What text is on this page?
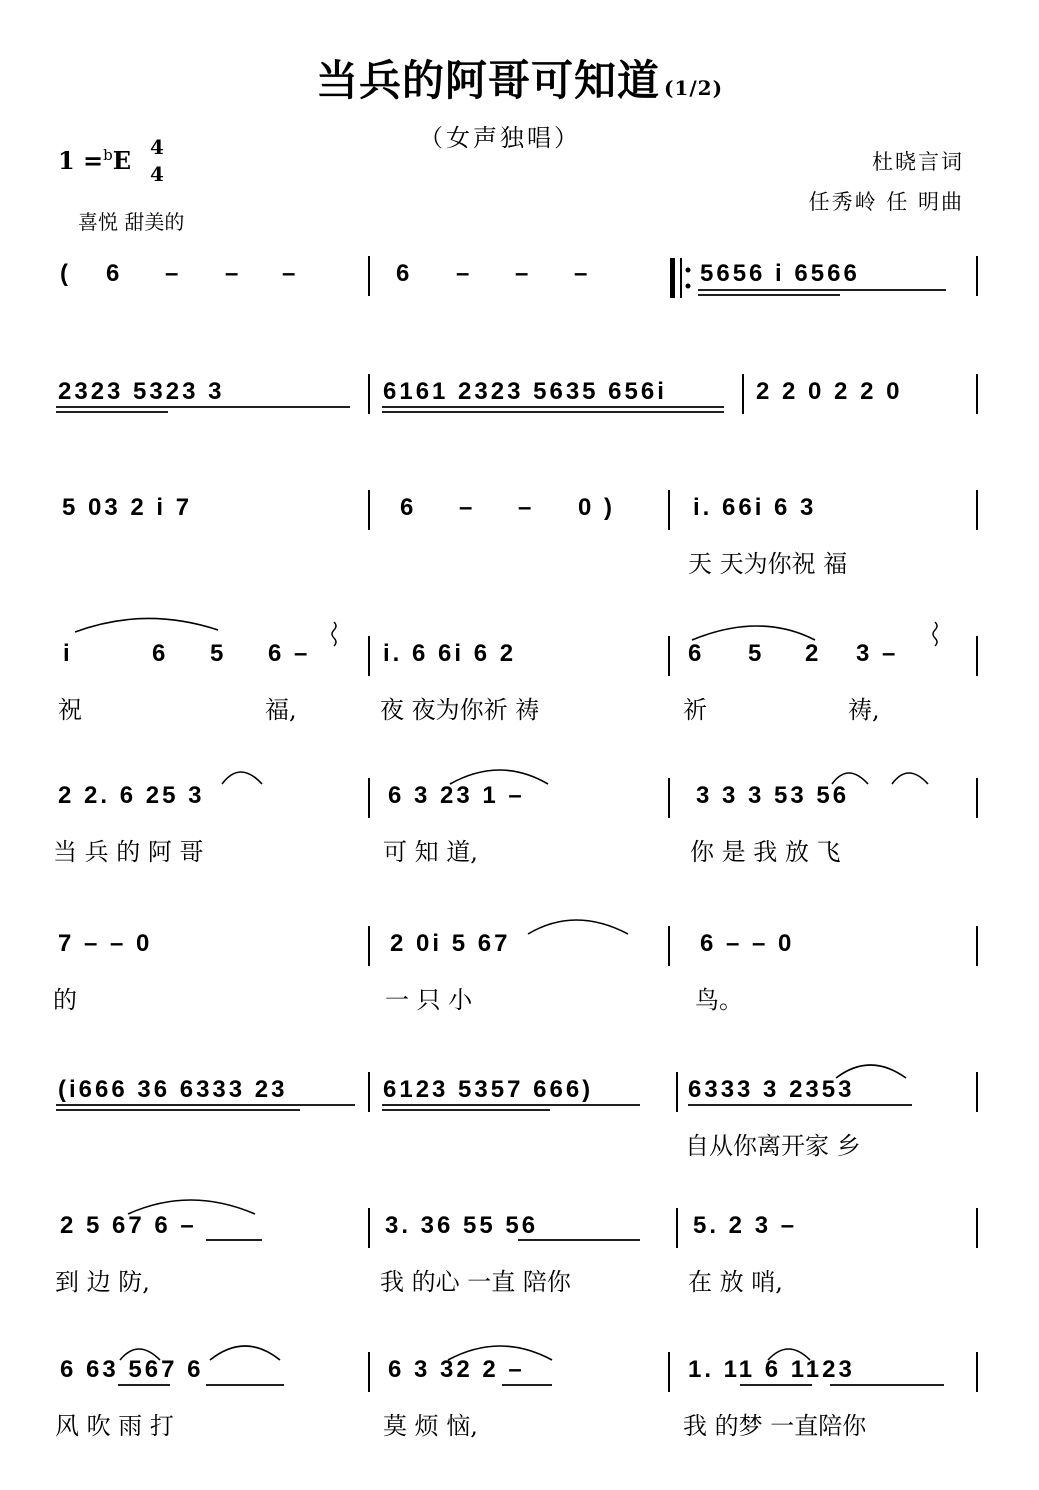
当兵的阿哥可知道 (1/2)
（女声独唱）
杜晓言词
任秀岭 任 明曲
1 =$^b$E 4
4
喜悦 甜美的
( 6 – – –	6 – – –	5656 i 6566
2323 5323 3	6161 2323 5635 656i	2 2 0 2 2 0
5 03 2 i 7	6 – – 0 )	i. 66i 6 3
天 天为你祝 福
i	6 5 6 –	i. 6 6i 6 2	6 5 2 3 –
祝	福,	夜 夜为你祈 祷	祈	祷,
2 2. 6 25 3	6 3 23 1 –	3 3 3 53 56
当 兵 的 阿 哥	可 知 道,	你 是 我 放 飞
7 – – 0	2 0i 5 67	6 – – 0
的	一 只 小	鸟。
(i666 36 6333 23	6123 5357 666)	6333 3 2353
自从你离开家 乡
2 5 67 6 –	3. 36 55 56	5. 2 3 –
到 边 防,	我 的心 一直 陪你	在 放 哨,
6 63 567 6	6 3 32 2 –	1. 11 6 1123
风 吹 雨 打	莫 烦 恼,	我 的梦 一直陪你
